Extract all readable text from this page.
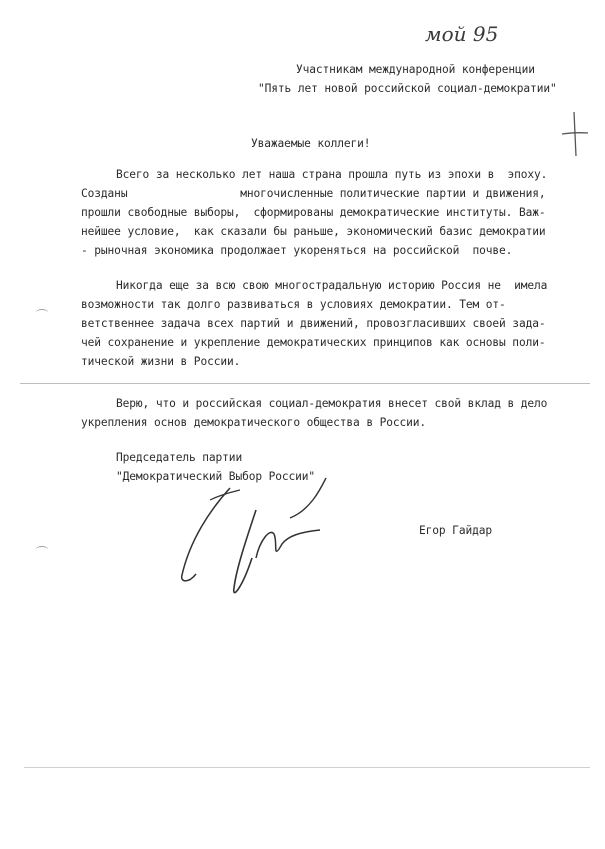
мой 95
Участникам международной конференции
"Пять лет новой российской социал-демократии"
Уважаемые коллеги!
Всего за несколько лет наша страна прошла путь из эпохи в  эпоху.
Созданы                 многочисленные политические партии и движения,
прошли свободные выборы,  сформированы демократические институты. Важ-
нейшее условие,  как сказали бы раньше, экономический базис демократии
- рыночная экономика продолжает укореняться на российской  почве.
Никогда еще за всю свою многострадальную историю Россия не  имела
возможности так долго развиваться в условиях демократии. Тем от-
ветственнее задача всех партий и движений, провозгласивших своей зада-
чей сохранение и укрепление демократических принципов как основы поли-
тической жизни в России.
Верю, что и российская социал-демократия внесет свой вклад в дело
укрепления основ демократического общества в России.
Председатель партии
"Демократический Выбор России"
Егор Гайдар
